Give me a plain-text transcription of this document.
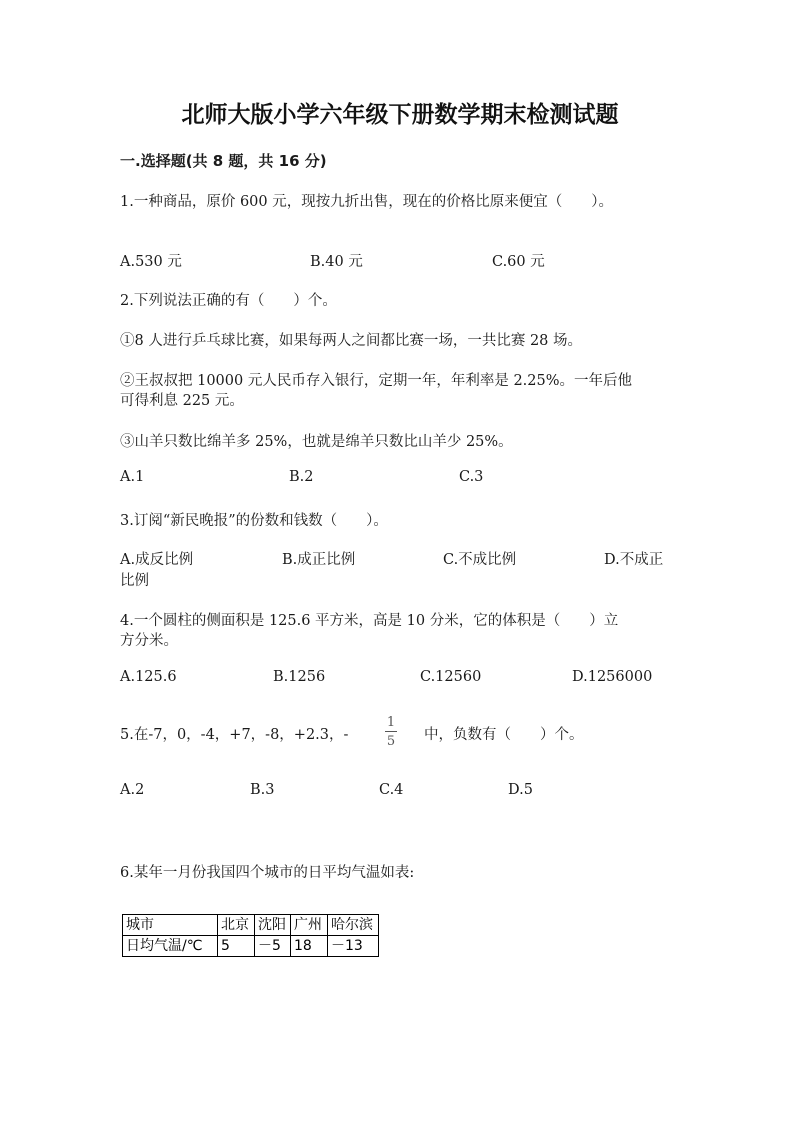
北师大版小学六年级下册数学期末检测试题
一.选择题(共 8 题，共 16 分)
1.一种商品，原价 600 元，现按九折出售，现在的价格比原来便宜（　　）。
A.530 元	B.40 元	C.60 元
2.下列说法正确的有（　　）个。
①8 人进行乒乓球比赛，如果每两人之间都比赛一场，一共比赛 28 场。
②王叔叔把 10000 元人民币存入银行，定期一年，年利率是 2.25%。一年后他
可得利息 225 元。
③山羊只数比绵羊多 25%，也就是绵羊只数比山羊少 25%。
A.1	B.2	C.3
3.订阅“新民晚报”的份数和钱数（　　）。
A.成反比例	B.成正比例	C.不成比例	D.不成正
比例
4.一个圆柱的侧面积是 125.6 平方米，高是 10 分米，它的体积是（　　）立
方分米。
A.125.6	B.1256	C.12560	D.1256000
5.在-7，0，-4，+7，-8，+2.3，-
1
5 中，负数有（　　）个。
A.2	B.3	C.4	D.5
6.某年一月份我国四个城市的日平均气温如表:
城市	北京	沈阳	广州	哈尔滨
日均气温/℃	5	－5	18	－13
